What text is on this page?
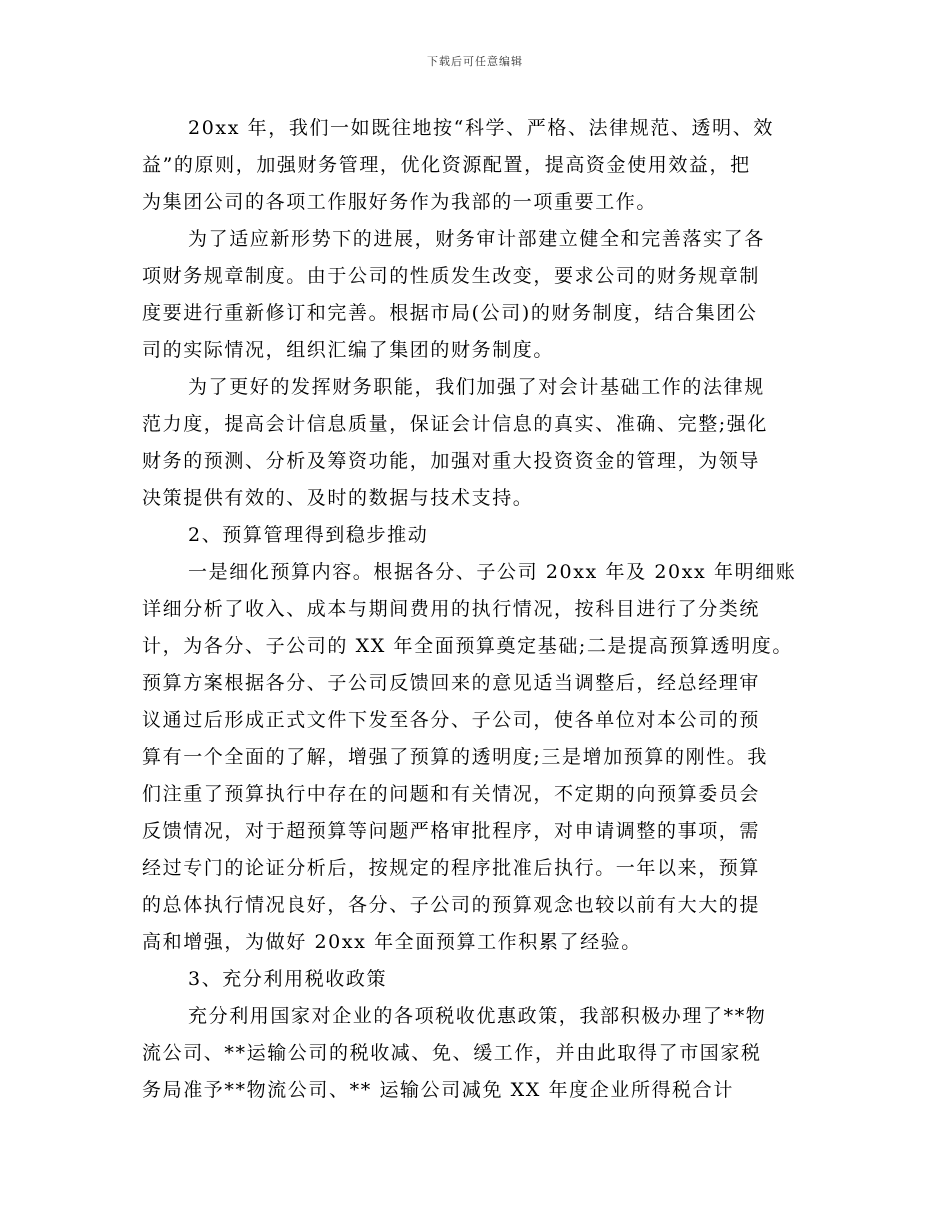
下载后可任意编辑
20xx 年，我们一如既往地按“科学、严格、法律规范、透明、效
益”的原则，加强财务管理，优化资源配置，提高资金使用效益，把
为集团公司的各项工作服好务作为我部的一项重要工作。
为了适应新形势下的进展，财务审计部建立健全和完善落实了各
项财务规章制度。由于公司的性质发生改变，要求公司的财务规章制
度要进行重新修订和完善。根据市局(公司)的财务制度，结合集团公
司的实际情况，组织汇编了集团的财务制度。
为了更好的发挥财务职能，我们加强了对会计基础工作的法律规
范力度，提高会计信息质量，保证会计信息的真实、准确、完整;强化
财务的预测、分析及筹资功能，加强对重大投资资金的管理，为领导
决策提供有效的、及时的数据与技术支持。
2、预算管理得到稳步推动
一是细化预算内容。根据各分、子公司 20xx 年及 20xx 年明细账
详细分析了收入、成本与期间费用的执行情况，按科目进行了分类统
计，为各分、子公司的 XX 年全面预算奠定基础;二是提高预算透明度。
预算方案根据各分、子公司反馈回来的意见适当调整后，经总经理审
议通过后形成正式文件下发至各分、子公司，使各单位对本公司的预
算有一个全面的了解，增强了预算的透明度;三是增加预算的刚性。我
们注重了预算执行中存在的问题和有关情况，不定期的向预算委员会
反馈情况，对于超预算等问题严格审批程序，对申请调整的事项，需
经过专门的论证分析后，按规定的程序批准后执行。一年以来，预算
的总体执行情况良好，各分、子公司的预算观念也较以前有大大的提
高和增强，为做好 20xx 年全面预算工作积累了经验。
3、充分利用税收政策
充分利用国家对企业的各项税收优惠政策，我部积极办理了**物
流公司、**运输公司的税收减、免、缓工作，并由此取得了市国家税
务局准予**物流公司、** 运输公司减免 XX 年度企业所得税合计
